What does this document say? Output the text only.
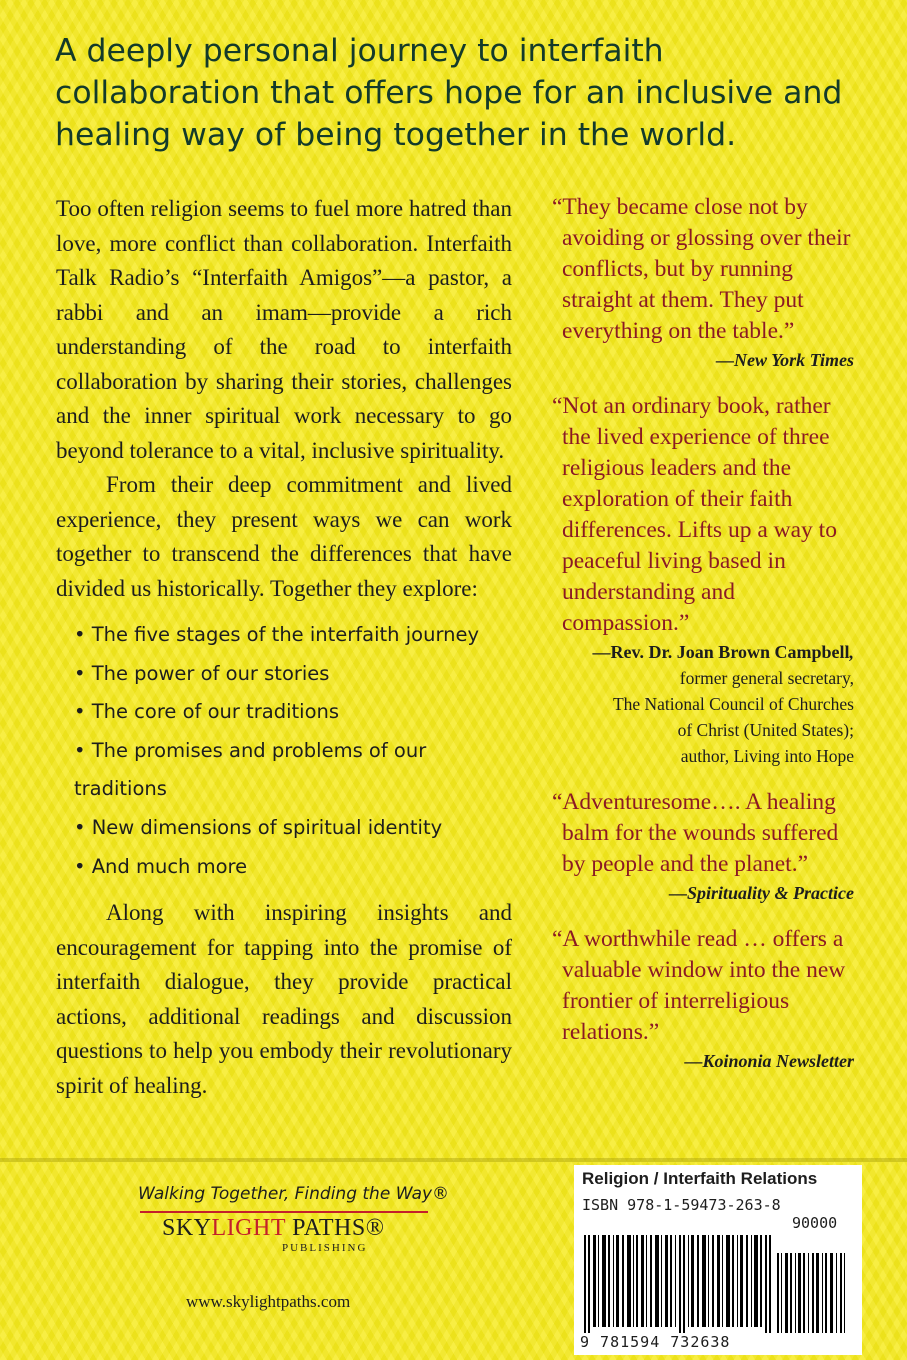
A deeply personal journey to interfaith collaboration that offers hope for an inclusive and healing way of being together in the world.

Too often religion seems to fuel more hatred than love, more conflict than collaboration. Interfaith Talk Radio’s “Interfaith Amigos”—a pastor, a rabbi and an imam—provide a rich understanding of the road to interfaith collaboration by sharing their stories, challenges and the inner spiritual work necessary to go beyond tolerance to a vital, inclusive spirituality.

From their deep commitment and lived experience, they present ways we can work together to transcend the differences that have divided us historically. Together they explore:

• The five stages of the interfaith journey
• The power of our stories
• The core of our traditions
• The promises and problems of our traditions
• New dimensions of spiritual identity
• And much more

Along with inspiring insights and encouragement for tapping into the promise of interfaith dialogue, they provide practical actions, additional readings and discussion questions to help you embody their revolutionary spirit of healing.

“They became close not by avoiding or glossing over their conflicts, but by running straight at them. They put everything on the table.”
—New York Times
“Not an ordinary book, rather the lived experience of three religious leaders and the exploration of their faith differences. Lifts up a way to peaceful living based in understanding and compassion.”
—Rev. Dr. Joan Brown Campbell,
former general secretary,
The National Council of Churches
of Christ (United States);
author, Living into Hope
“Adventuresome…. A healing balm for the wounds suffered by people and the planet.”
—Spirituality & Practice
“A worthwhile read … offers a valuable window into the new frontier of interreligious relations.”
—Koinonia Newsletter
Walking Together, Finding the Way®
SKYLIGHT PATHS®
PUBLISHING
www.skylightpaths.com
Religion / Interfaith Relations
ISBN 978-1-59473-263-8
90000
9 781594 732638
